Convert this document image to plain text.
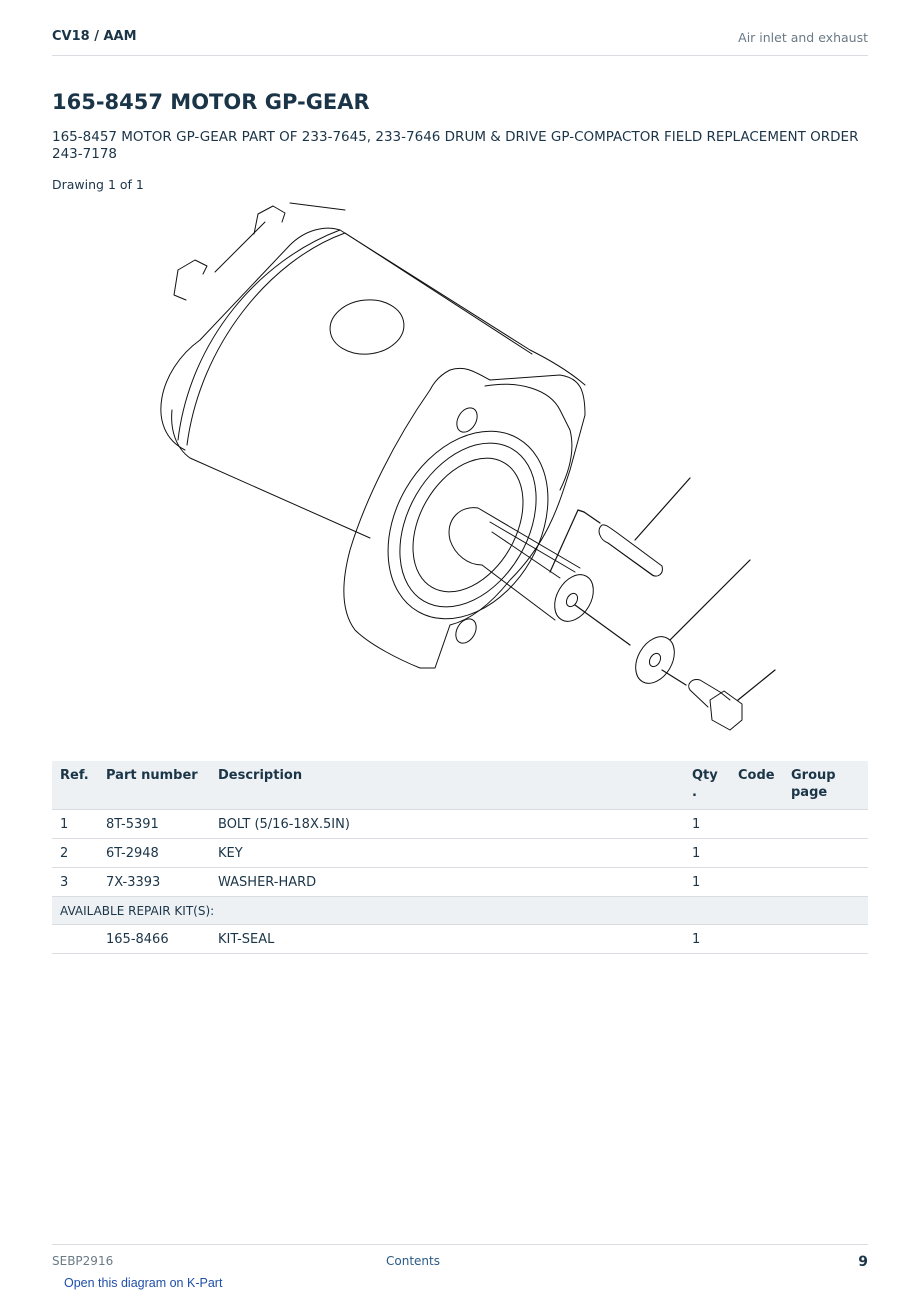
CV18 / AAM	Air inlet and exhaust
165-8457 MOTOR GP-GEAR
165-8457 MOTOR GP-GEAR PART OF 233-7645, 233-7646 DRUM & DRIVE GP-COMPACTOR FIELD REPLACEMENT ORDER 243-7178
Drawing 1 of 1
Ref.	Part number	Description	Qty .	Code	Group page
1	8T-5391	BOLT (5/16-18X.5IN)	1		
2	6T-2948	KEY	1		
3	7X-3393	WASHER-HARD	1		
AVAILABLE REPAIR KIT(S):					
	165-8466	KIT-SEAL	1		
SEBP2916	Contents	9
Open this diagram on K-Part
